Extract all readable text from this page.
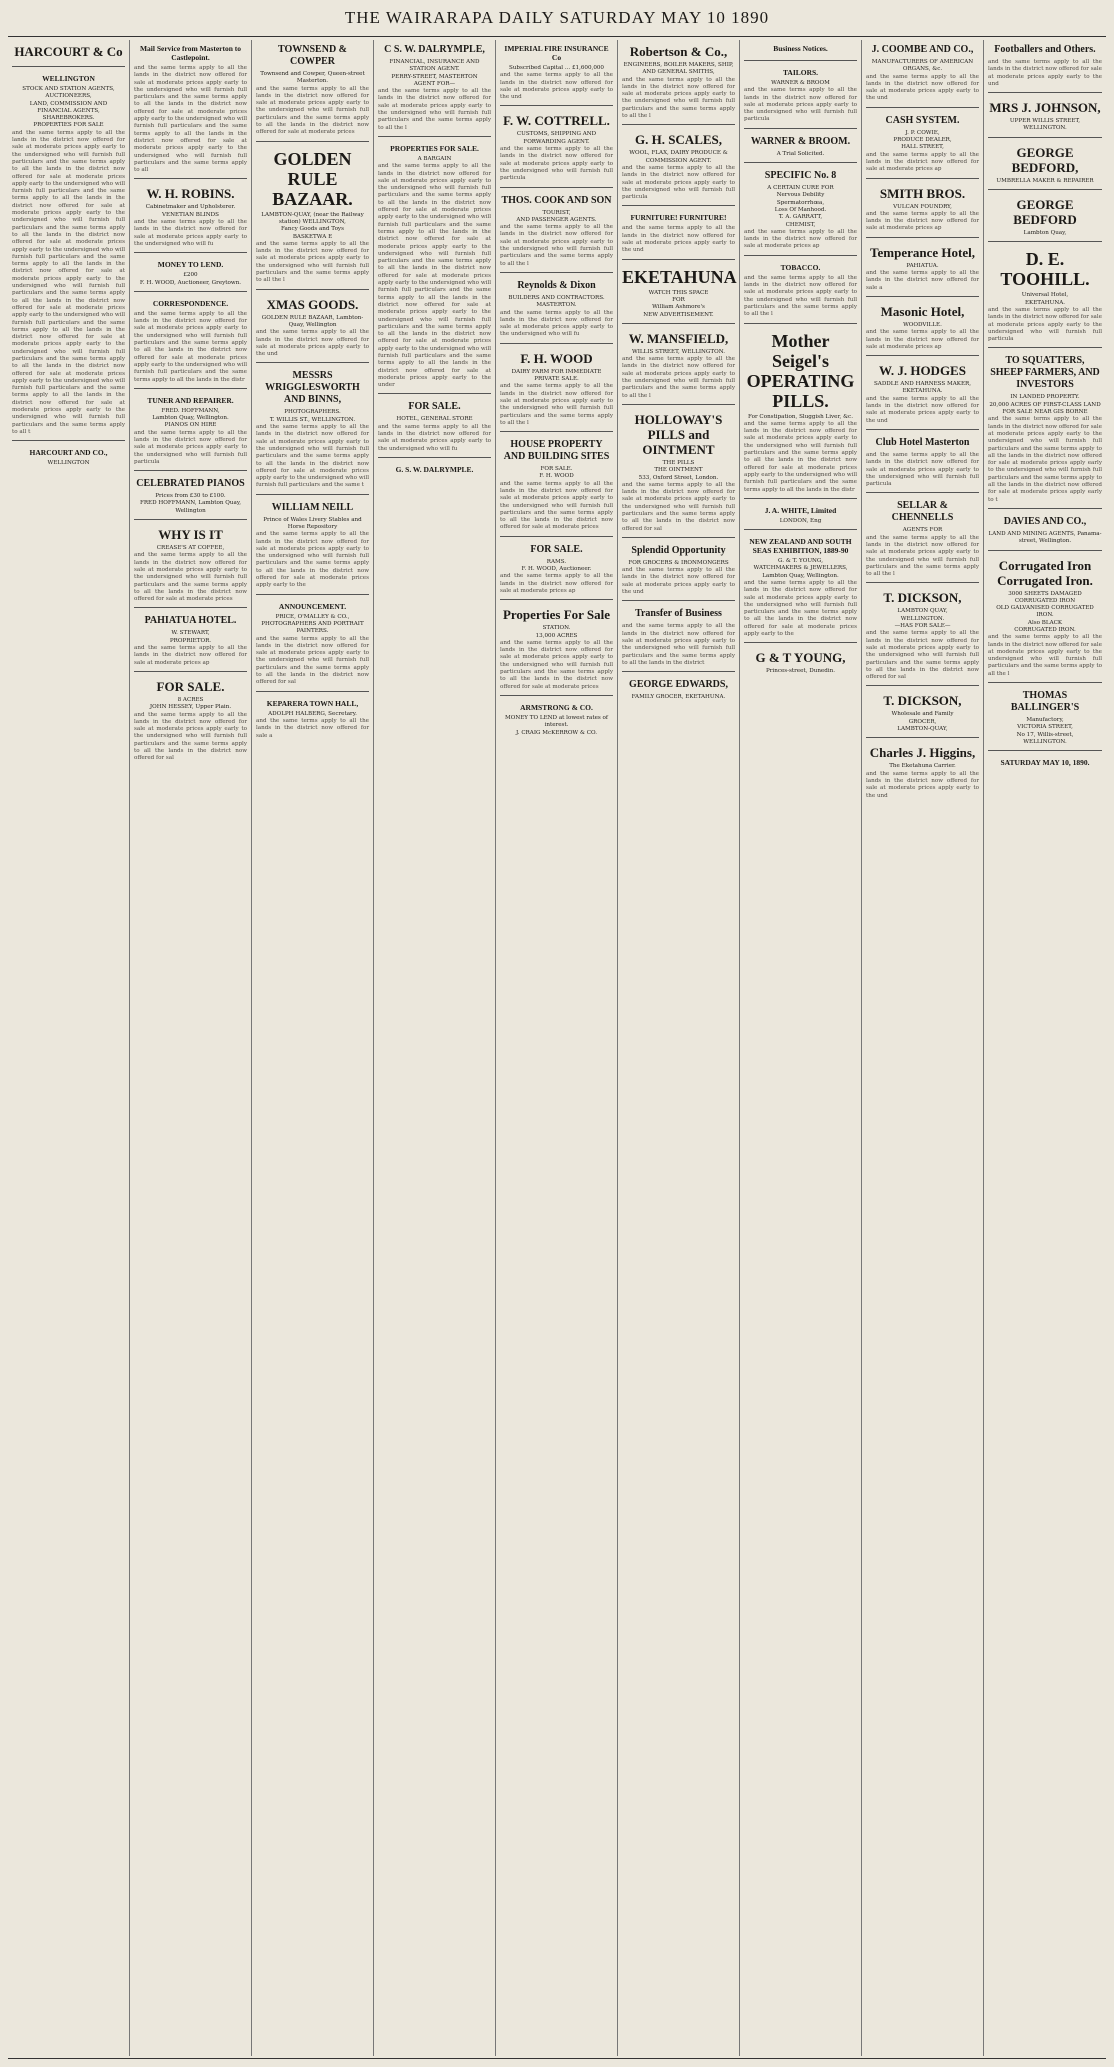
THE WAIRARAPA DAILY SATURDAY MAY 10 1890
HARCOURT & Co
WELLINGTON
STOCK AND STATION AGENTS, AUCTIONEERS,
LAND, COMMISSION AND FINANCIAL AGENTS, SHAREBROKERS.
PROPERTIES FOR SALE
and the same terms apply to all the lands in the district now offered for sale at moderate prices apply early to the undersigned who will furnish full particulars and the same terms apply to all the lands in the district now offered for sale at moderate prices apply early to the undersigned who will furnish full particulars and the same terms apply to all the lands in the district now offered for sale at moderate prices apply early to the undersigned who will furnish full particulars and the same terms apply to all the lands in the district now offered for sale at moderate prices apply early to the undersigned who will furnish full particulars and the same terms apply to all the lands in the district now offered for sale at moderate prices apply early to the undersigned who will furnish full particulars and the same terms apply to all the lands in the district now offered for sale at moderate prices apply early to the undersigned who will furnish full particulars and the same terms apply to all the lands in the district now offered for sale at moderate prices apply early to the undersigned who will furnish full particulars and the same terms apply to all the lands in the district now offered for sale at moderate prices apply early to the undersigned who will furnish full particulars and the same terms apply to all the lands in the district now offered for sale at moderate prices apply early to the undersigned who will furnish full particulars and the same terms apply to all t
HARCOURT AND CO.,
WELLINGTON
Mail Service from Masterton to Castlepoint.
and the same terms apply to all the lands in the district now offered for sale at moderate prices apply early to the undersigned who will furnish full particulars and the same terms apply to all the lands in the district now offered for sale at moderate prices apply early to the undersigned who will furnish full particulars and the same terms apply to all the lands in the district now offered for sale at moderate prices apply early to the undersigned who will furnish full particulars and the same terms apply to all
W. H. ROBINS.
Cabinetmaker and Upholsterer.
VENETIAN BLINDS
and the same terms apply to all the lands in the district now offered for sale at moderate prices apply early to the undersigned who will fu
MONEY TO LEND.
£200
F. H. WOOD, Auctioneer, Greytown.
CORRESPONDENCE.
and the same terms apply to all the lands in the district now offered for sale at moderate prices apply early to the undersigned who will furnish full particulars and the same terms apply to all the lands in the district now offered for sale at moderate prices apply early to the undersigned who will furnish full particulars and the same terms apply to all the lands in the distr
TUNER AND REPAIRER.
FRED. HOFFMANN,
Lambton Quay, Wellington.
PIANOS ON HIRE
and the same terms apply to all the lands in the district now offered for sale at moderate prices apply early to the undersigned who will furnish full particula
CELEBRATED PIANOS
Prices from £30 to £100.
FRED HOFFMANN, Lambton Quay, Wellington
WHY IS IT
CREASE'S AT COFFEE,
and the same terms apply to all the lands in the district now offered for sale at moderate prices apply early to the undersigned who will furnish full particulars and the same terms apply to all the lands in the district now offered for sale at moderate prices
PAHIATUA HOTEL.
W. STEWART,
PROPRIETOR.
and the same terms apply to all the lands in the district now offered for sale at moderate prices ap
FOR SALE.
8 ACRES
JOHN HESSEY, Upper Plain.
and the same terms apply to all the lands in the district now offered for sale at moderate prices apply early to the undersigned who will furnish full particulars and the same terms apply to all the lands in the district now offered for sal
TOWNSEND & COWPER
Townsend and Cowper, Queen-street Masterton.
and the same terms apply to all the lands in the district now offered for sale at moderate prices apply early to the undersigned who will furnish full particulars and the same terms apply to all the lands in the district now offered for sale at moderate prices
GOLDEN RULE BAZAAR.
LAMBTON-QUAY, (near the Railway station) WELLINGTON,
Fancy Goods and Toys
BASKETWA E
and the same terms apply to all the lands in the district now offered for sale at moderate prices apply early to the undersigned who will furnish full particulars and the same terms apply to all the l
XMAS GOODS.
GOLDEN RULE BAZAAR, Lambton-Quay, Wellington
and the same terms apply to all the lands in the district now offered for sale at moderate prices apply early to the und
MESSRS WRIGGLESWORTH AND BINNS,
PHOTOGRAPHERS.
T. WILLIS ST., WELLINGTON.
and the same terms apply to all the lands in the district now offered for sale at moderate prices apply early to the undersigned who will furnish full particulars and the same terms apply to all the lands in the district now offered for sale at moderate prices apply early to the undersigned who will furnish full particulars and the same t
WILLIAM NEILL
Prince of Wales Livery Stables and Horse Repository
and the same terms apply to all the lands in the district now offered for sale at moderate prices apply early to the undersigned who will furnish full particulars and the same terms apply to all the lands in the district now offered for sale at moderate prices apply early to the
ANNOUNCEMENT.
PRICE, O'MALLEY & CO.,
PHOTOGRAPHERS AND PORTRAIT PAINTERS.
and the same terms apply to all the lands in the district now offered for sale at moderate prices apply early to the undersigned who will furnish full particulars and the same terms apply to all the lands in the district now offered for sal
KEPARERA TOWN HALL,
ADOLPH HALBERG, Secretary.
and the same terms apply to all the lands in the district now offered for sale a
C S. W. DALRYMPLE,
FINANCIAL, INSURANCE AND STATION AGENT.
PERRY-STREET, MASTERTON
AGENT FOR—
and the same terms apply to all the lands in the district now offered for sale at moderate prices apply early to the undersigned who will furnish full particulars and the same terms apply to all the l
PROPERTIES FOR SALE.
A BARGAIN
and the same terms apply to all the lands in the district now offered for sale at moderate prices apply early to the undersigned who will furnish full particulars and the same terms apply to all the lands in the district now offered for sale at moderate prices apply early to the undersigned who will furnish full particulars and the same terms apply to all the lands in the district now offered for sale at moderate prices apply early to the undersigned who will furnish full particulars and the same terms apply to all the lands in the district now offered for sale at moderate prices apply early to the undersigned who will furnish full particulars and the same terms apply to all the lands in the district now offered for sale at moderate prices apply early to the undersigned who will furnish full particulars and the same terms apply to all the lands in the district now offered for sale at moderate prices apply early to the undersigned who will furnish full particulars and the same terms apply to all the lands in the district now offered for sale at moderate prices apply early to the under
FOR SALE.
HOTEL, GENERAL STORE
and the same terms apply to all the lands in the district now offered for sale at moderate prices apply early to the undersigned who will fu
G. S. W. DALRYMPLE.
IMPERIAL FIRE INSURANCE Co
Subscribed Capital ... £1,600,000
and the same terms apply to all the lands in the district now offered for sale at moderate prices apply early to the und
F. W. COTTRELL.
CUSTOMS, SHIPPING AND FORWARDING AGENT.
and the same terms apply to all the lands in the district now offered for sale at moderate prices apply early to the undersigned who will furnish full particula
THOS. COOK AND SON
TOURIST,
AND PASSENGER AGENTS.
and the same terms apply to all the lands in the district now offered for sale at moderate prices apply early to the undersigned who will furnish full particulars and the same terms apply to all the l
Reynolds & Dixon
BUILDERS AND CONTRACTORS.
MASTERTON.
and the same terms apply to all the lands in the district now offered for sale at moderate prices apply early to the undersigned who will fu
F. H. WOOD
DAIRY FARM FOR IMMEDIATE PRIVATE SALE.
and the same terms apply to all the lands in the district now offered for sale at moderate prices apply early to the undersigned who will furnish full particulars and the same terms apply to all the l
HOUSE PROPERTY AND BUILDING SITES
FOR SALE.
F. H. WOOD
and the same terms apply to all the lands in the district now offered for sale at moderate prices apply early to the undersigned who will furnish full particulars and the same terms apply to all the lands in the district now offered for sale at moderate prices
FOR SALE.
RAMS.
F. H. WOOD, Auctioneer.
and the same terms apply to all the lands in the district now offered for sale at moderate prices ap
Properties For Sale
STATION.
13,000 ACRES
and the same terms apply to all the lands in the district now offered for sale at moderate prices apply early to the undersigned who will furnish full particulars and the same terms apply to all the lands in the district now offered for sale at moderate prices
ARMSTRONG & CO.
MONEY TO LEND at lowest rates of interest.
J. CRAIG McKERROW & CO.
Robertson & Co.,
ENGINEERS, BOILER MAKERS, SHIP, AND GENERAL SMITHS,
and the same terms apply to all the lands in the district now offered for sale at moderate prices apply early to the undersigned who will furnish full particulars and the same terms apply to all the l
G. H. SCALES,
WOOL, FLAX, DAIRY PRODUCE & COMMISSION AGENT.
and the same terms apply to all the lands in the district now offered for sale at moderate prices apply early to the undersigned who will furnish full particula
FURNITURE! FURNITURE!
and the same terms apply to all the lands in the district now offered for sale at moderate prices apply early to the und
EKETAHUNA
WATCH THIS SPACE
FOR
William Ashmore's
NEW ADVERTISEMENT.
W. MANSFIELD,
WILLIS STREET, WELLINGTON.
and the same terms apply to all the lands in the district now offered for sale at moderate prices apply early to the undersigned who will furnish full particulars and the same terms apply to all the l
HOLLOWAY'S PILLS and OINTMENT
THE PILLS
THE OINTMENT
533, Oxford Street, London.
and the same terms apply to all the lands in the district now offered for sale at moderate prices apply early to the undersigned who will furnish full particulars and the same terms apply to all the lands in the district now offered for sal
Splendid Opportunity
FOR GROCERS & IRONMONGERS
and the same terms apply to all the lands in the district now offered for sale at moderate prices apply early to the und
Transfer of Business
and the same terms apply to all the lands in the district now offered for sale at moderate prices apply early to the undersigned who will furnish full particulars and the same terms apply to all the lands in the district
GEORGE EDWARDS,
FAMILY GROCER, EKETAHUNA.
Business Notices.
TAILORS.
WARNER & BROOM
and the same terms apply to all the lands in the district now offered for sale at moderate prices apply early to the undersigned who will furnish full particula
WARNER & BROOM.
A Trial Solicited.
SPECIFIC No. 8
A CERTAIN CURE FOR
Nervous Debility
Spermatorrhœa,
Loss Of Manhood.
T. A. GARRATT,
CHEMIST,
and the same terms apply to all the lands in the district now offered for sale at moderate prices ap
TOBACCO.
and the same terms apply to all the lands in the district now offered for sale at moderate prices apply early to the undersigned who will furnish full particulars and the same terms apply to all the l
Mother Seigel's OPERATING PILLS.
For Constipation, Sluggish Liver, &c.
and the same terms apply to all the lands in the district now offered for sale at moderate prices apply early to the undersigned who will furnish full particulars and the same terms apply to all the lands in the district now offered for sale at moderate prices apply early to the undersigned who will furnish full particulars and the same terms apply to all the lands in the distr
J. A. WHITE, Limited
LONDON, Eng
NEW ZEALAND AND SOUTH SEAS EXHIBITION, 1889-90
G. & T. YOUNG,
WATCHMAKERS & JEWELLERS, Lambton Quay, Wellington.
and the same terms apply to all the lands in the district now offered for sale at moderate prices apply early to the undersigned who will furnish full particulars and the same terms apply to all the lands in the district now offered for sale at moderate prices apply early to the
G & T YOUNG,
Princes-street, Dunedin.
J. COOMBE AND CO.,
MANUFACTURERS OF AMERICAN ORGANS, &c.
and the same terms apply to all the lands in the district now offered for sale at moderate prices apply early to the und
CASH SYSTEM.
J. P. COWIE,
PRODUCE DEALER,
HALL STREET,
and the same terms apply to all the lands in the district now offered for sale at moderate prices ap
SMITH BROS.
VULCAN FOUNDRY,
and the same terms apply to all the lands in the district now offered for sale at moderate prices ap
Temperance Hotel,
PAHIATUA.
and the same terms apply to all the lands in the district now offered for sale a
Masonic Hotel,
WOODVILLE.
and the same terms apply to all the lands in the district now offered for sale at moderate prices ap
W. J. HODGES
SADDLE AND HARNESS MAKER, EKETAHUNA.
and the same terms apply to all the lands in the district now offered for sale at moderate prices apply early to the und
Club Hotel Masterton
and the same terms apply to all the lands in the district now offered for sale at moderate prices apply early to the undersigned who will furnish full particula
SELLAR & CHENNELLS
AGENTS FOR
and the same terms apply to all the lands in the district now offered for sale at moderate prices apply early to the undersigned who will furnish full particulars and the same terms apply to all the l
T. DICKSON,
LAMBTON QUAY,
WELLINGTON.
—HAS FOR SALE—
and the same terms apply to all the lands in the district now offered for sale at moderate prices apply early to the undersigned who will furnish full particulars and the same terms apply to all the lands in the district now offered for sal
T. DICKSON,
Wholesale and Family
GROCER,
LAMBTON-QUAY,
Charles J. Higgins,
The Eketahuna Carrier.
and the same terms apply to all the lands in the district now offered for sale at moderate prices apply early to the und
Footballers and Others.
and the same terms apply to all the lands in the district now offered for sale at moderate prices apply early to the und
MRS J. JOHNSON,
UPPER WILLIS STREET,
WELLINGTON.
GEORGE BEDFORD,
UMBRELLA MAKER & REPAIRER
GEORGE BEDFORD
Lambton Quay,
D. E. TOOHILL.
Universal Hotel,
EKETAHUNA.
and the same terms apply to all the lands in the district now offered for sale at moderate prices apply early to the undersigned who will furnish full particula
TO SQUATTERS, SHEEP FARMERS, AND INVESTORS
IN LANDED PROPERTY.
20,000 ACRES OF FIRST-CLASS LAND FOR SALE NEAR GIS BORNE
and the same terms apply to all the lands in the district now offered for sale at moderate prices apply early to the undersigned who will furnish full particulars and the same terms apply to all the lands in the district now offered for sale at moderate prices apply early to the undersigned who will furnish full particulars and the same terms apply to all the lands in the district now offered for sale at moderate prices apply early to t
DAVIES AND CO.,
LAND AND MINING AGENTS, Panama-street, Wellington.
Corrugated Iron Corrugated Iron.
3000 SHEETS DAMAGED CORRUGATED IRON
OLD GALVANISED CORRUGATED IRON.
Also BLACK
CORRUGATED IRON.
and the same terms apply to all the lands in the district now offered for sale at moderate prices apply early to the undersigned who will furnish full particulars and the same terms apply to all the l
THOMAS BALLINGER'S
Manufactory,
VICTORIA STREET,
No 17, Willis-street,
WELLINGTON.
SATURDAY MAY 10, 1890.
